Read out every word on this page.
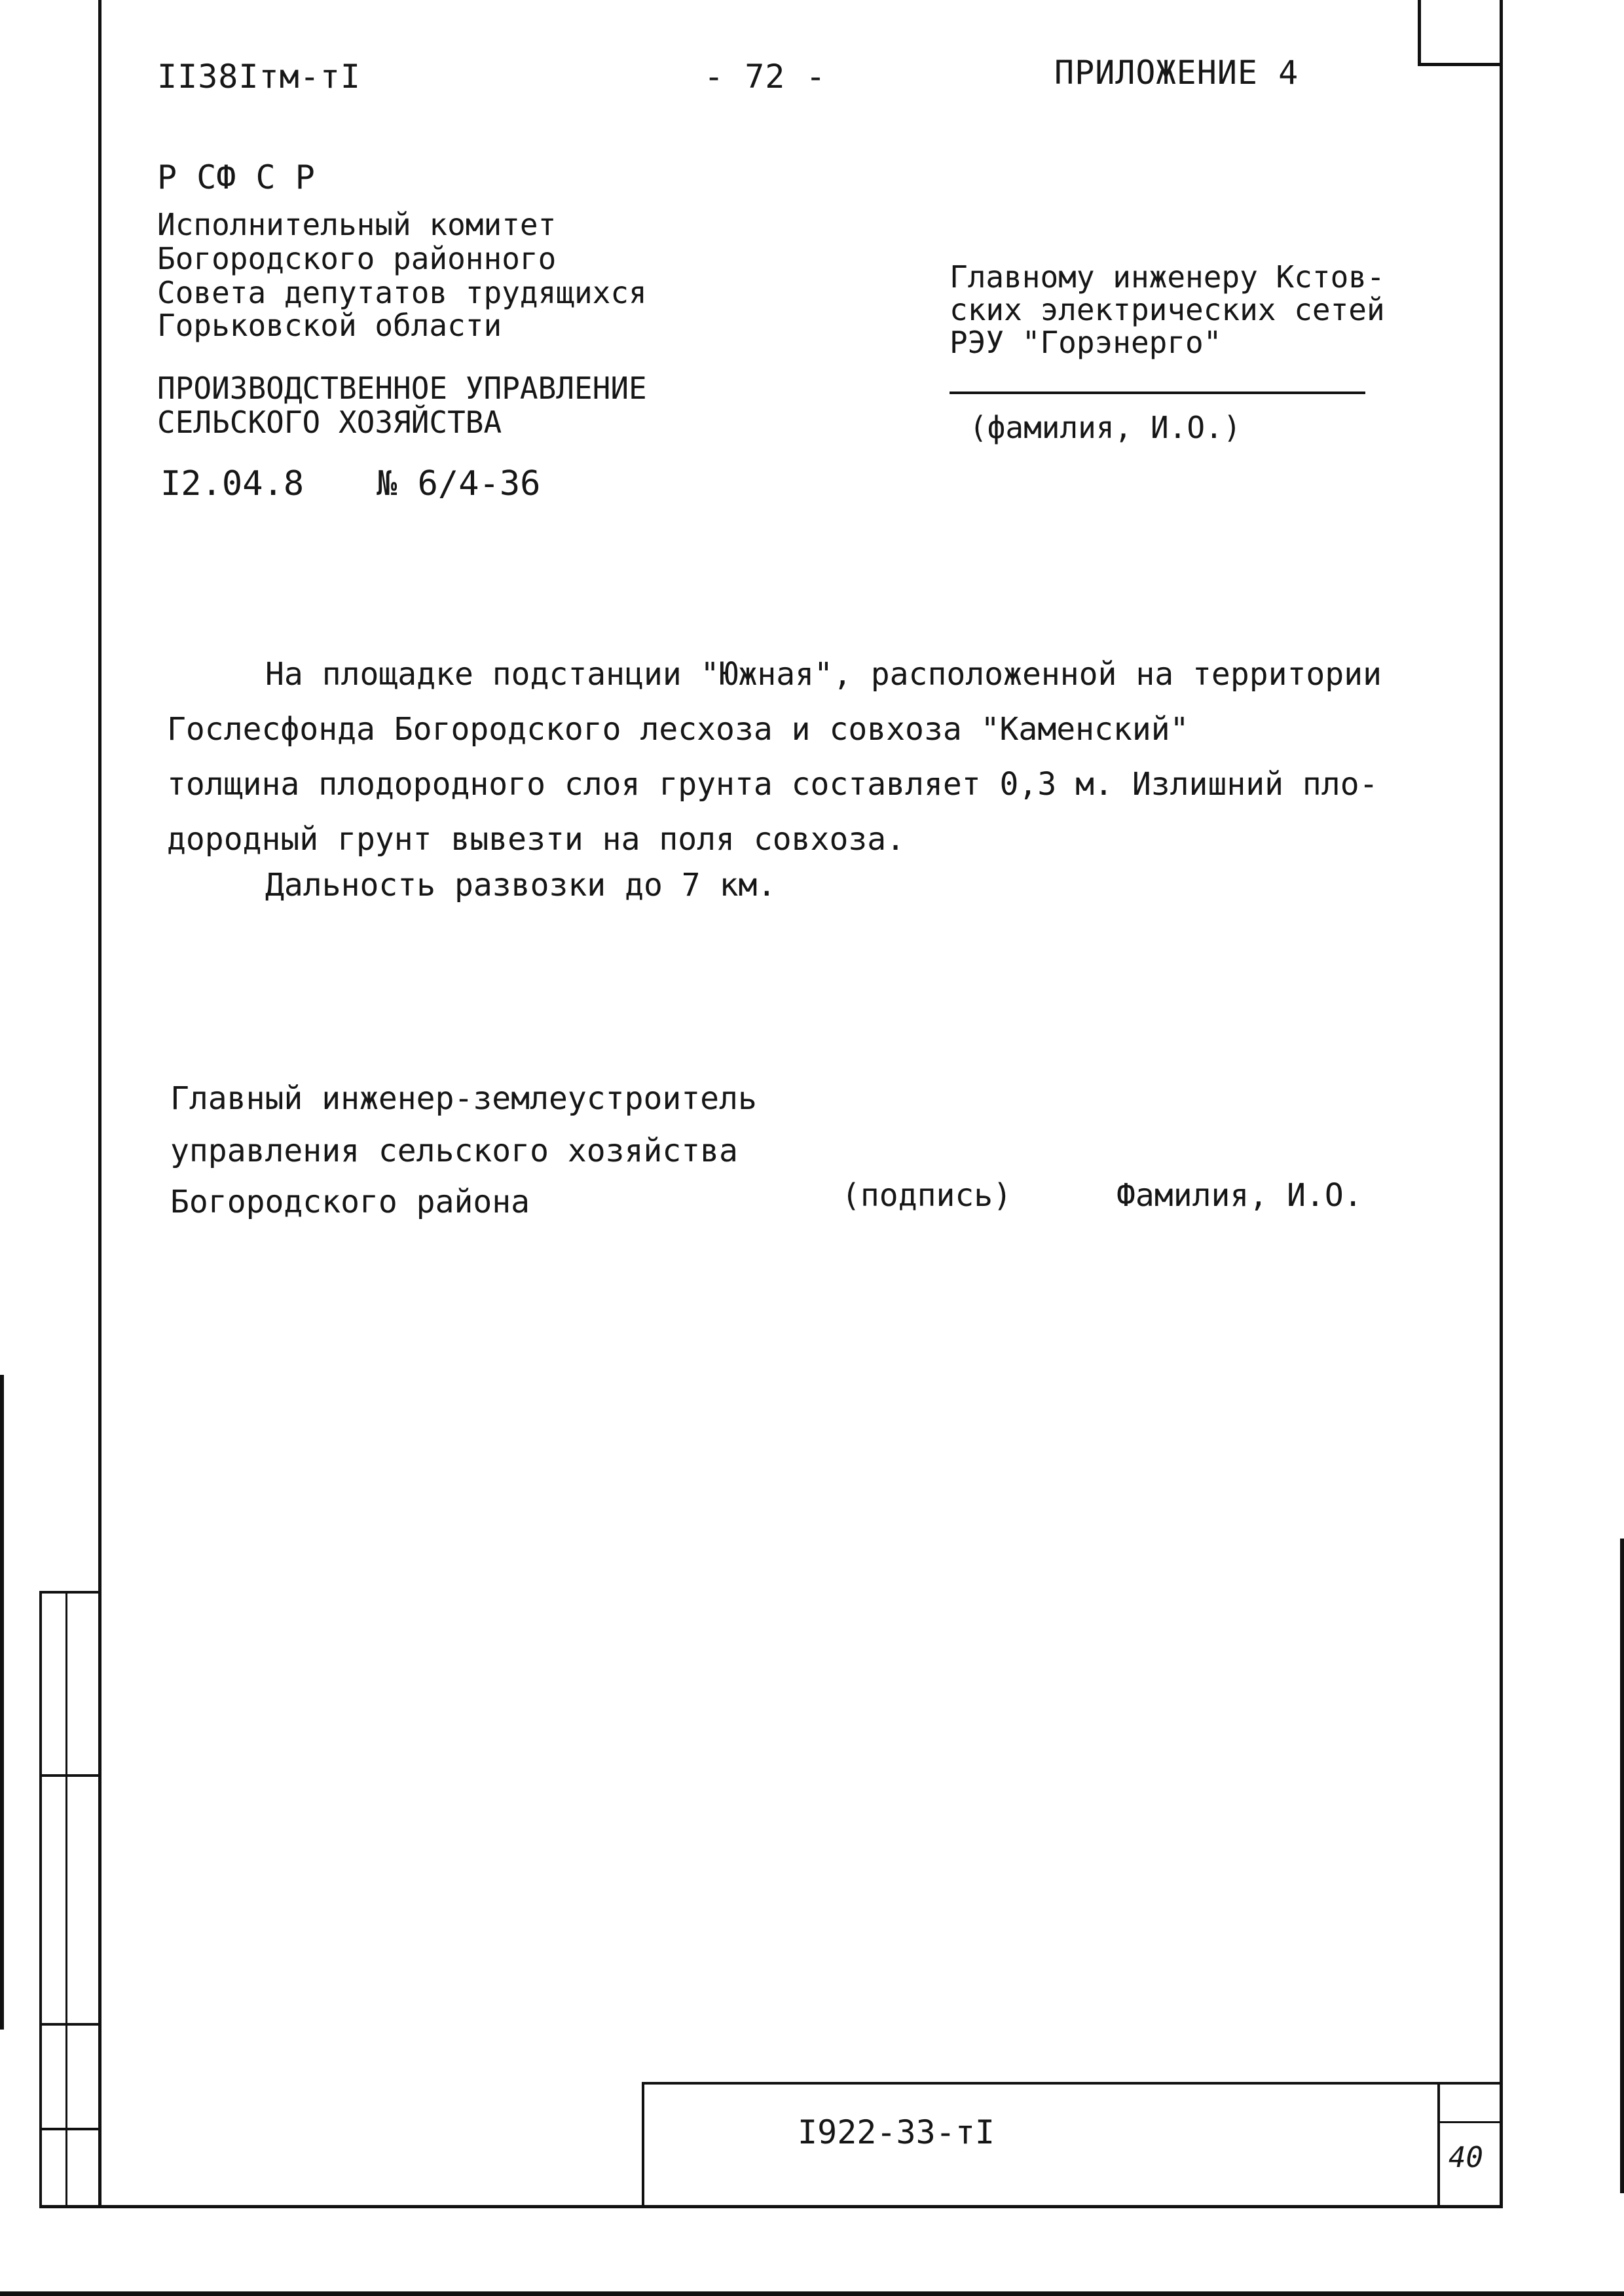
II38Iтм-тI	- 72 -	ПРИЛОЖЕНИЕ 4
Р СФ С Р
Исполнительный комитет
Богородского районного
Совета депутатов трудящихся
Горьковской области
ПРОИЗВОДСТВЕННОЕ УПРАВЛЕНИЕ
СЕЛЬСКОГО ХОЗЯЙСТВА
I2.04.8 № 6/4-36
Главному инженеру Кстов-
ских электрических сетей
РЭУ "Горэнерго"
(фамилия, И.О.)
На площадке подстанции "Южная", расположенной на территории
Гослесфонда Богородского лесхоза и совхоза "Каменский"
толщина плодородного слоя грунта составляет 0,3 м. Излишний пло-
дородный грунт вывезти на поля совхоза.
Дальность развозки до 7 км.
Главный инженер-землеустроитель
управления сельского хозяйства
Богородского района	(подпись)	Фамилия, И.О.
I922-33-тI
40
